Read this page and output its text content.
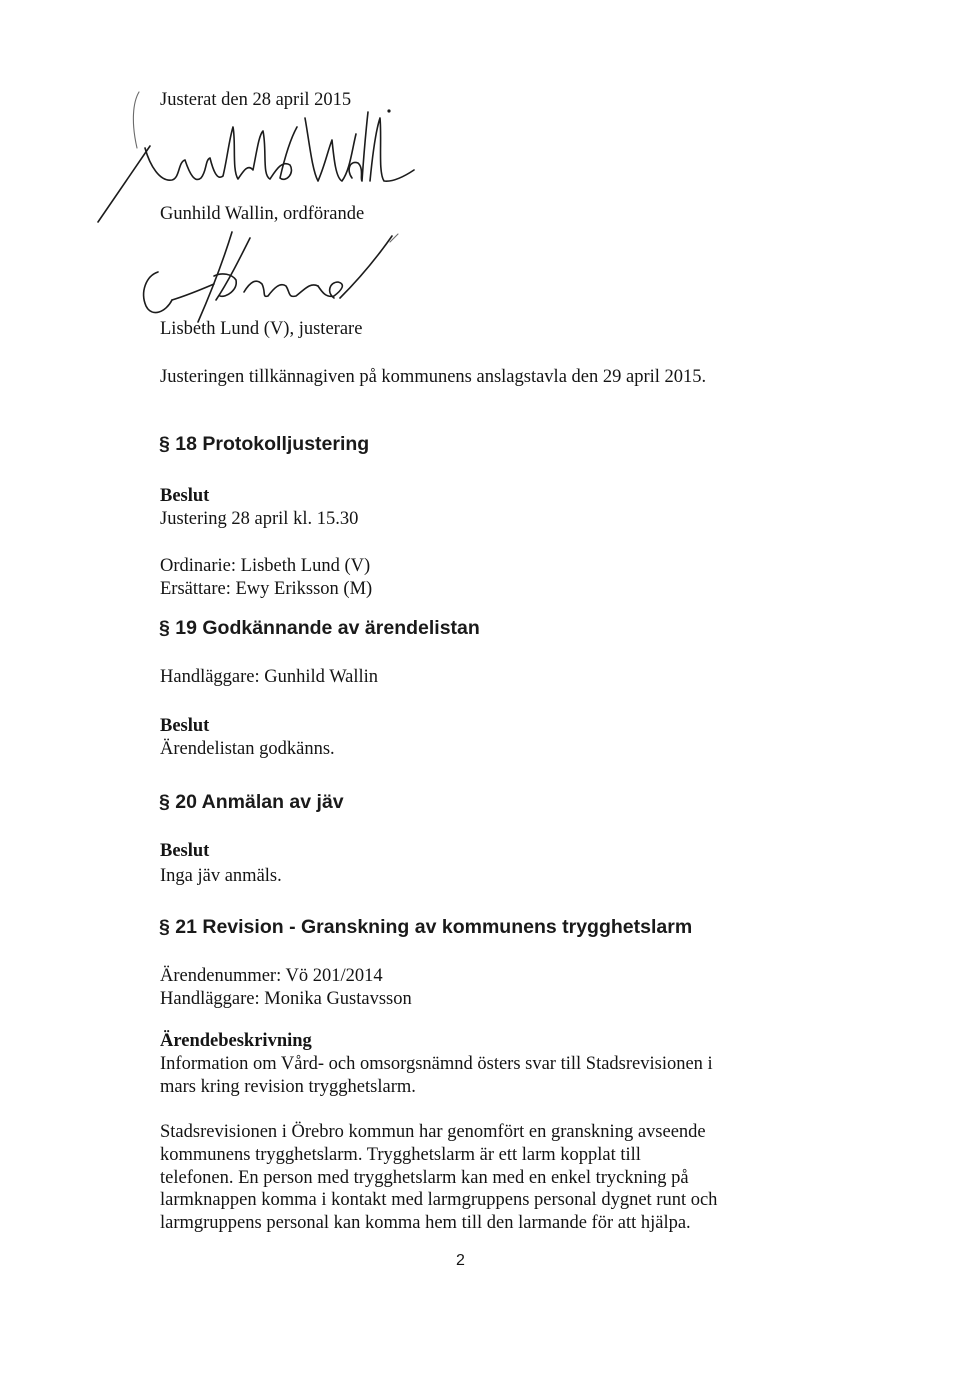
Justerat den 28 april 2015
Gunhild Wallin, ordförande
Lisbeth Lund (V), justerare
Justeringen tillkännagiven på kommunens anslagstavla den 29 april 2015.
§ 18 Protokolljustering
Beslut
Justering 28 april kl. 15.30
Ordinarie: Lisbeth Lund (V)
Ersättare: Ewy Eriksson (M)
§ 19 Godkännande av ärendelistan
Handläggare: Gunhild Wallin
Beslut
Ärendelistan godkänns.
§ 20 Anmälan av jäv
Beslut
Inga jäv anmäls.
§ 21 Revision - Granskning av kommunens trygghetslarm
Ärendenummer: Vö 201/2014
Handläggare: Monika Gustavsson
Ärendebeskrivning
Information om Vård- och omsorgsnämnd östers svar till Stadsrevisionen i
mars kring revision trygghetslarm.
Stadsrevisionen i Örebro kommun har genomfört en granskning avseende
kommunens trygghetslarm. Trygghetslarm är ett larm kopplat till
telefonen. En person med trygghetslarm kan med en enkel tryckning på
larmknappen komma i kontakt med larmgruppens personal dygnet runt och
larmgruppens personal kan komma hem till den larmande för att hjälpa.
2
